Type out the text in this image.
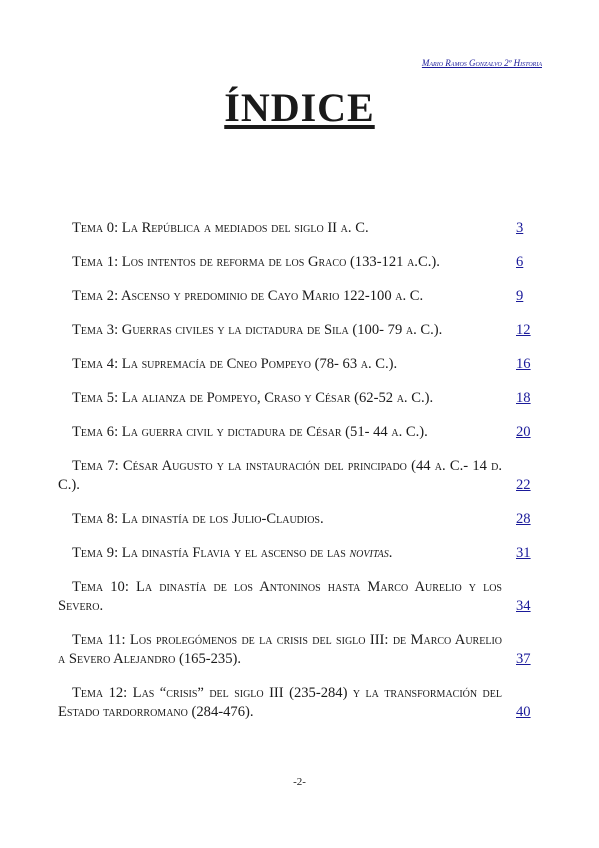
Mario Ramos Gonzalvo 2º Historia
ÍNDICE
Tema 0: La República a mediados del siglo II a. C.	3
Tema 1: Los intentos de reforma de los Graco (133-121 a.C.).	6
Tema 2: Ascenso y predominio de Cayo Mario 122-100 a. C.	9
Tema 3: Guerras civiles y la dictadura de Sila (100- 79 a. C.).	12
Tema 4: La supremacía de Cneo Pompeyo (78- 63 a. C.).	16
Tema 5: La alianza de Pompeyo, Craso y César (62-52 a. C.).	18
Tema 6: La guerra civil y dictadura de César (51- 44 a. C.).	20
Tema 7: César Augusto y la instauración del principado (44 a. C.- 14 d. C.).	22
Tema 8: La dinastía de los Julio-Claudios.	28
Tema 9: La dinastía Flavia y el ascenso de las novitas.	31
Tema 10: La dinastía de los Antoninos hasta Marco Aurelio y los Severo.	34
Tema 11: Los prolegómenos de la crisis del siglo III: de Marco Aurelio a Severo Alejandro (165-235).	37
Tema 12: Las “crisis” del siglo III (235-284) y la transformación del Estado tardorromano (284-476).	40
-2-
